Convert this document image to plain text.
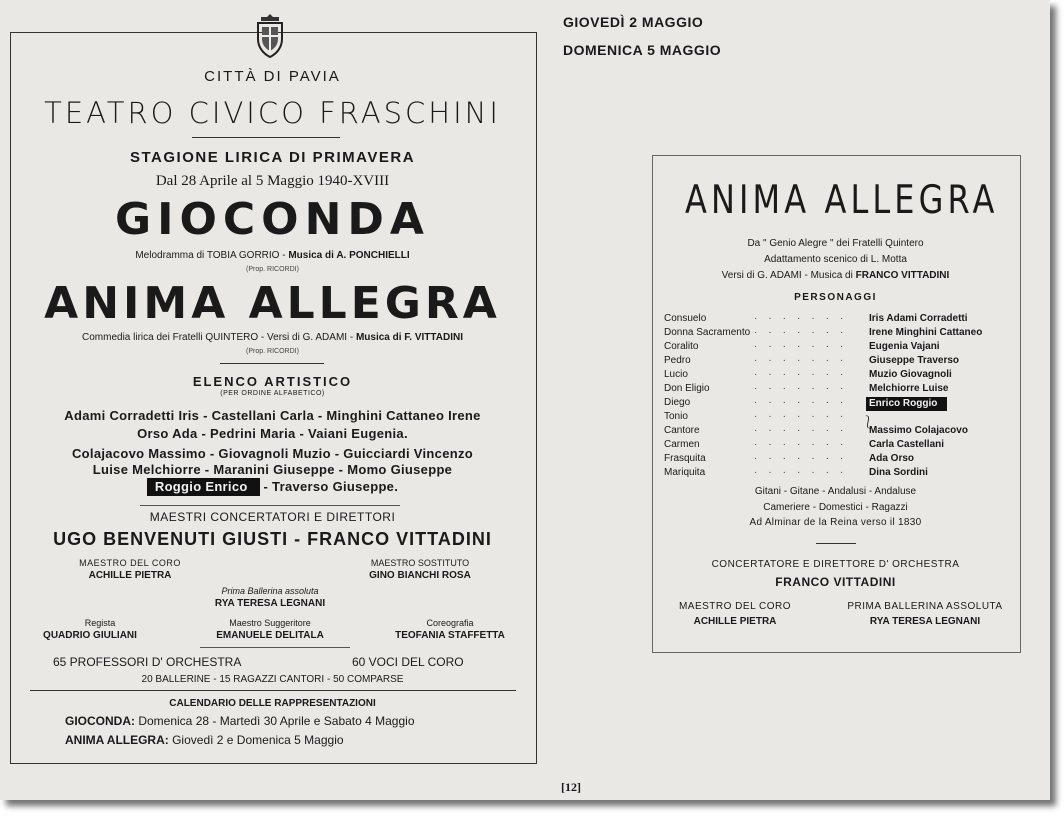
CITTÀ DI PAVIA
TEATRO CIVICO FRASCHINI
STAGIONE LIRICA DI PRIMAVERA
Dal 28 Aprile al 5 Maggio 1940-XVIII
GIOCONDA
Melodramma di TOBIA GORRIO - Musica di A. PONCHIELLI
(Prop. RICORDI)
ANIMA ALLEGRA
Commedia lirica dei Fratelli QUINTERO - Versi di G. ADAMI - Musica di F. VITTADINI
(Prop. RICORDI)
ELENCO ARTISTICO
(PER ORDINE ALFABETICO)
Adami Corradetti Iris - Castellani Carla - Minghini Cattaneo Irene
Orso Ada - Pedrini Maria - Vaiani Eugenia.
Colajacovo Massimo - Giovagnoli Muzio - Guicciardi Vincenzo
Luise Melchiorre - Maranini Giuseppe - Momo Giuseppe
Roggio Enrico - Traverso Giuseppe.
MAESTRI CONCERTATORI E DIRETTORI
UGO BENVENUTI GIUSTI - FRANCO VITTADINI
MAESTRO DEL CORO
ACHILLE PIETRA
MAESTRO SOSTITUTO
GINO BIANCHI ROSA
Prima Ballerina assoluta
RYA TERESA LEGNANI
Regista
QUADRIO GIULIANI
Maestro Suggeritore
EMANUELE DELITALA
Coreografia
TEOFANIA STAFFETTA
65 PROFESSORI D' ORCHESTRA	60 VOCI DEL CORO
20 BALLERINE - 15 RAGAZZI CANTORI - 50 COMPARSE
CALENDARIO DELLE RAPPRESENTAZIONI
GIOCONDA: Domenica 28 - Martedì 30 Aprile e Sabato 4 Maggio
ANIMA ALLEGRA: Giovedì 2 e Domenica 5 Maggio
GIOVEDÌ 2 MAGGIO
DOMENICA 5 MAGGIO
ANIMA ALLEGRA
Da " Genio Alegre " dei Fratelli Quintero
Adattamento scenico di L. Motta
Versi di G. ADAMI - Musica di FRANCO VITTADINI
PERSONAGGI
Consuelo	······· Iris Adami Corradetti
Donna Sacramento ······· Irene Minghini Cattaneo
Coralito	······· Eugenia Vajani
Pedro	······· Giuseppe Traverso
Lucio	······· Muzio Giovagnoli
Don Eligio	······· Melchiorre Luise
Diego	·······	Enrico Roggio
Tonio	·······
Cantore	······· Massimo Colajacovo
Carmen	······· Carla Castellani
Frasquita	······· Ada Orso
Mariquita	······· Dina Sordini
⎱
Gitani - Gitane - Andalusi - Andaluse
Cameriere - Domestici - Ragazzi
Ad Alminar de la Reina verso il 1830
CONCERTATORE E DIRETTORE D' ORCHESTRA
FRANCO VITTADINI
MAESTRO DEL CORO
ACHILLE PIETRA
PRIMA BALLERINA ASSOLUTA
RYA TERESA LEGNANI
[12]
